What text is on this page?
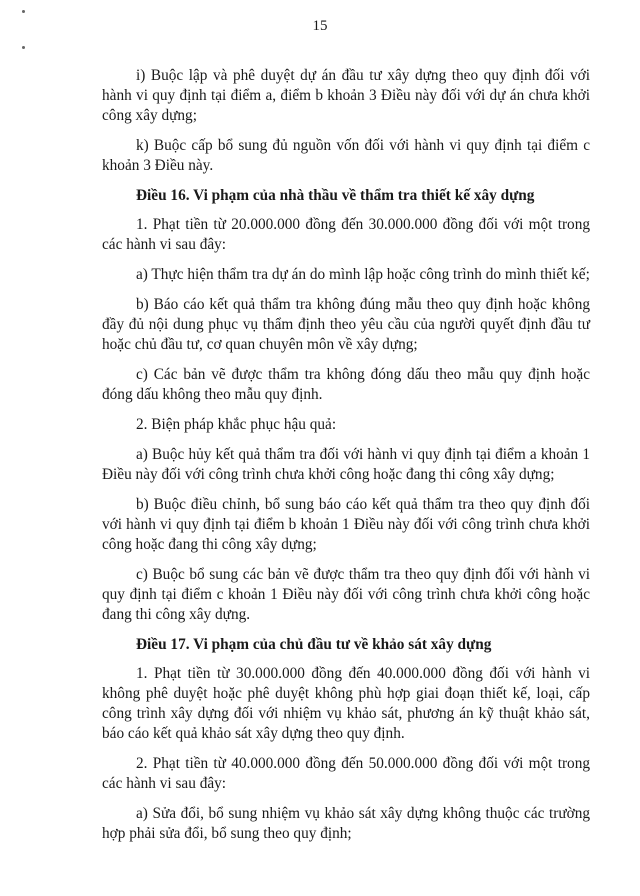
15

i) Buộc lập và phê duyệt dự án đầu tư xây dựng theo quy định đối với hành vi quy định tại điểm a, điểm b khoản 3 Điều này đối với dự án chưa khởi công xây dựng;

k) Buộc cấp bổ sung đủ nguồn vốn đối với hành vi quy định tại điểm c khoản 3 Điều này.

Điều 16. Vi phạm của nhà thầu về thẩm tra thiết kế xây dựng

1. Phạt tiền từ 20.000.000 đồng đến 30.000.000 đồng đối với một trong các hành vi sau đây:

a) Thực hiện thẩm tra dự án do mình lập hoặc công trình do mình thiết kế;

b) Báo cáo kết quả thẩm tra không đúng mẫu theo quy định hoặc không đầy đủ nội dung phục vụ thẩm định theo yêu cầu của người quyết định đầu tư hoặc chủ đầu tư, cơ quan chuyên môn về xây dựng;

c) Các bản vẽ được thẩm tra không đóng dấu theo mẫu quy định hoặc đóng dấu không theo mẫu quy định.

2. Biện pháp khắc phục hậu quả:

a) Buộc hủy kết quả thẩm tra đối với hành vi quy định tại điểm a khoản 1 Điều này đối với công trình chưa khởi công hoặc đang thi công xây dựng;

b) Buộc điều chỉnh, bổ sung báo cáo kết quả thẩm tra theo quy định đối với hành vi quy định tại điểm b khoản 1 Điều này đối với công trình chưa khởi công hoặc đang thi công xây dựng;

c) Buộc bổ sung các bản vẽ được thẩm tra theo quy định đối với hành vi quy định tại điểm c khoản 1 Điều này đối với công trình chưa khởi công hoặc đang thi công xây dựng.

Điều 17. Vi phạm của chủ đầu tư về khảo sát xây dựng

1. Phạt tiền từ 30.000.000 đồng đến 40.000.000 đồng đối với hành vi không phê duyệt hoặc phê duyệt không phù hợp giai đoạn thiết kế, loại, cấp công trình xây dựng đối với nhiệm vụ khảo sát, phương án kỹ thuật khảo sát, báo cáo kết quả khảo sát xây dựng theo quy định.

2. Phạt tiền từ 40.000.000 đồng đến 50.000.000 đồng đối với một trong các hành vi sau đây:

a) Sửa đổi, bổ sung nhiệm vụ khảo sát xây dựng không thuộc các trường hợp phải sửa đổi, bổ sung theo quy định;
